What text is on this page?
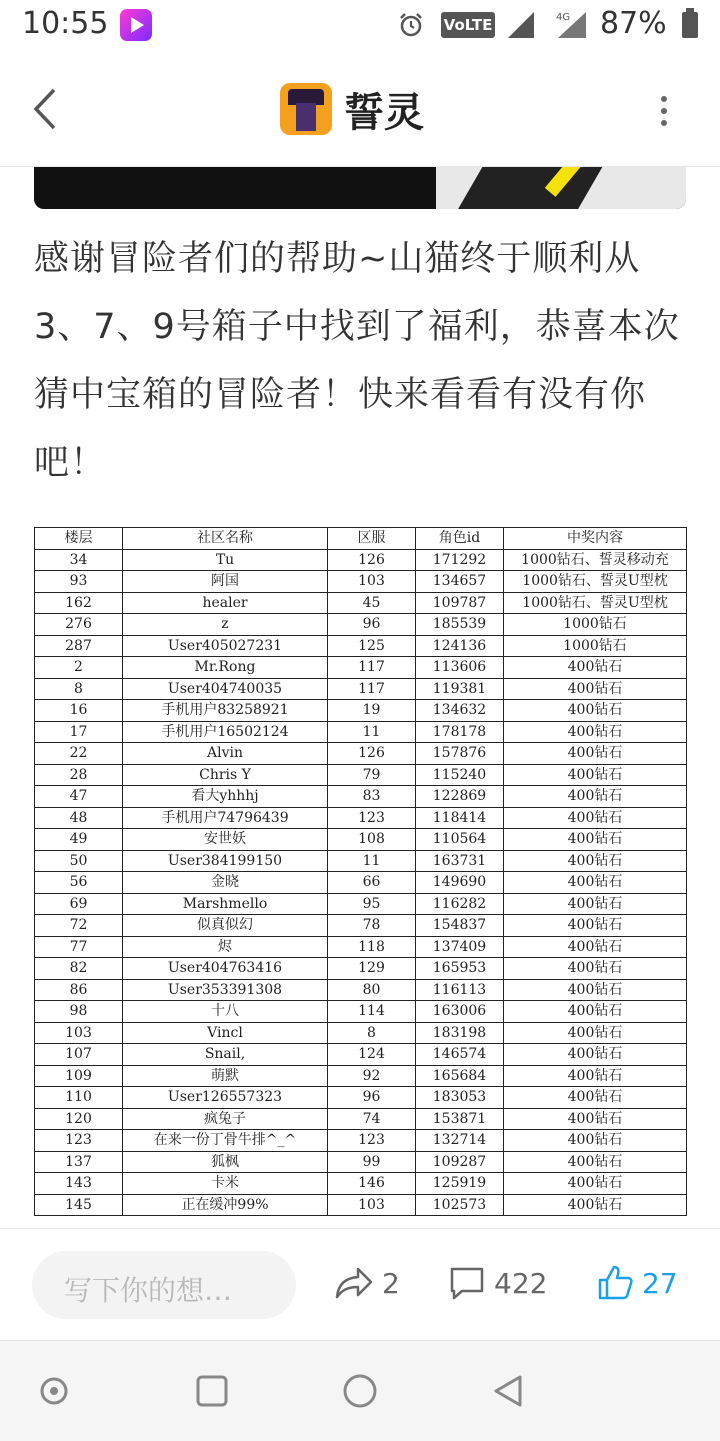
10:55	VoLTE	4G 87%
誓灵
感谢冒险者们的帮助~山猫终于顺利从3、7、9号箱子中找到了福利，恭喜本次猜中宝箱的冒险者！快来看看有没有你吧！
楼层	社区名称	区服	角色id	中奖内容
34	Tu	126	171292	1000钻石、誓灵移动充
93	阿国	103	134657	1000钻石、誓灵U型枕
162	healer	45	109787	1000钻石、誓灵U型枕
276	z	96	185539	1000钻石
287	User405027231	125	124136	1000钻石
2	Mr.Rong	117	113606	400钻石
8	User404740035	117	119381	400钻石
16	手机用户83258921	19	134632	400钻石
17	手机用户16502124	11	178178	400钻石
22	Alvin	126	157876	400钻石
28	Chris Y	79	115240	400钻石
47	看大yhhhj	83	122869	400钻石
48	手机用户74796439	123	118414	400钻石
49	安世妖	108	110564	400钻石
50	User384199150	11	163731	400钻石
56	金晓	66	149690	400钻石
69	Marshmello	95	116282	400钻石
72	似真似幻	78	154837	400钻石
77	烬	118	137409	400钻石
82	User404763416	129	165953	400钻石
86	User353391308	80	116113	400钻石
98	十八	114	163006	400钻石
103	Vincl	8	183198	400钻石
107	Snail,	124	146574	400钻石
109	萌默	92	165684	400钻石
110	User126557323	96	183053	400钻石
120	疯兔子	74	153871	400钻石
123	在来一份丁骨牛排^_^	123	132714	400钻石
137	狐枫	99	109287	400钻石
143	卡米	146	125919	400钻石
145	正在缓冲99%	103	102573	400钻石
写下你的想…	2	422	27
